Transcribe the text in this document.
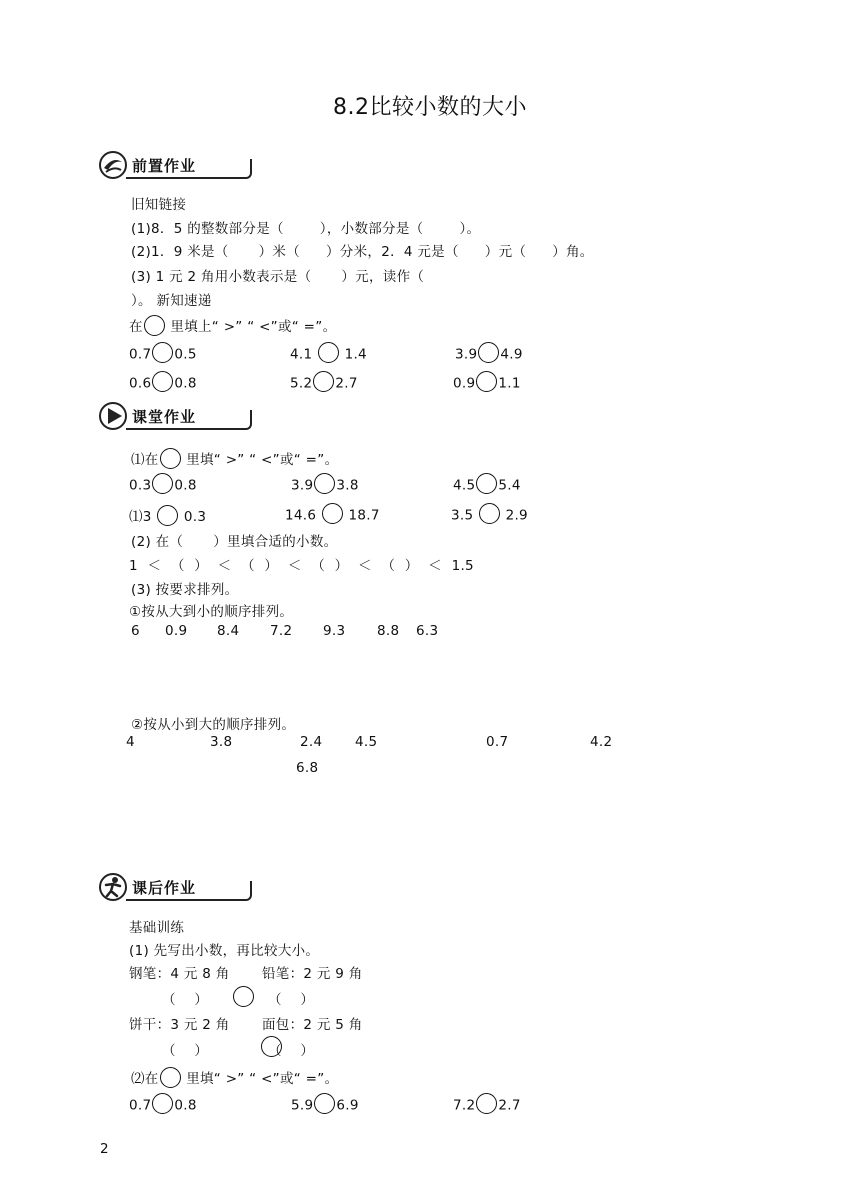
8.2比较小数的大小
前置作业
旧知链接
(1)8．5 的整数部分是（	），小数部分是（	）。
(2)1．9 米是（ ）米（ ）分米，2．4 元是（ ）元（ ）角。
(3) 1 元 2 角用小数表示是（ ）元，读作（
）。 新知速递
在 里填上“ >” “ <”或“ =”。
0.7 0.5	4.1 1.4	3.9 4.9
0.6 0.8	5.2 2.7	0.9 1.1
课堂作业
⑴在 里填“ >” “ <”或“ =”。
0.3 0.8	3.9 3.8	4.5 5.4
⑴3 0.3	14.6 18.7	3.5 2.9
(2) 在（ ）里填合适的小数。
1 ＜ （ ） ＜ （ ） ＜ （ ） ＜ （ ） ＜ 1.5
(3) 按要求排列。
①按从大到小的顺序排列。
6 0.9 8.4 7.2 9.3 8.8 6.3
②按从小到大的顺序排列。
4	3.8	2.4 4.5	0.7	4.2
6.8
课后作业
基础训练
(1) 先写出小数，再比较大小。
钢笔：4 元 8 角 铅笔：2 元 9 角
（ ）
	（ ）
饼干：3 元 2 角 面包：2 元 5 角
（ ）	（ ）
⑵在 里填“ >” “ <”或“ =”。
0.7 0.8	5.9 6.9	7.2 2.7
2
